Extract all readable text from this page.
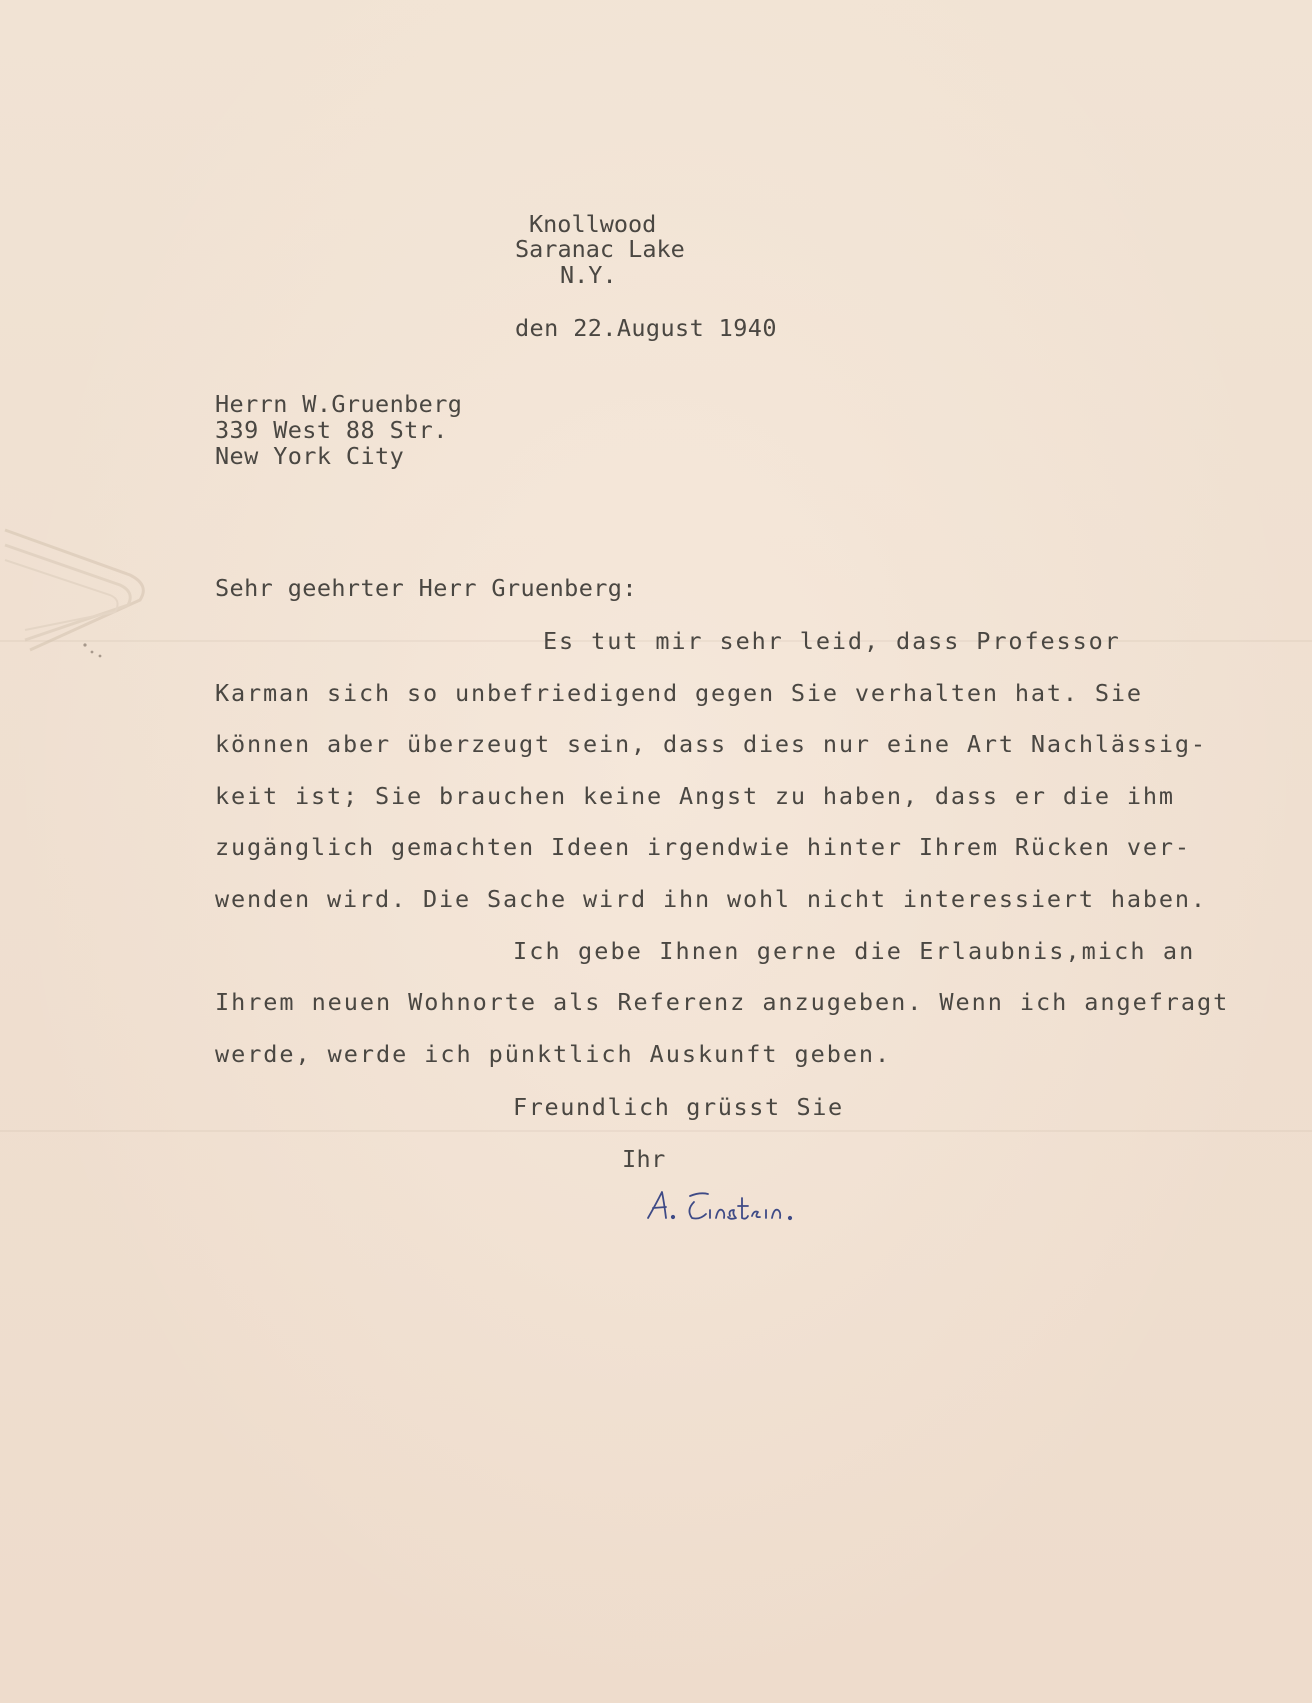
Knollwood
Saranac Lake
N.Y.
den 22.August 1940
Herrn W.Gruenberg
339 West 88 Str.
New York City
Sehr geehrter Herr Gruenberg:
Es tut mir sehr leid, dass Professor
Karman sich so unbefriedigend gegen Sie verhalten hat. Sie
können aber überzeugt sein, dass dies nur eine Art Nachlässig-
keit ist; Sie brauchen keine Angst zu haben, dass er die ihm
zugänglich gemachten Ideen irgendwie hinter Ihrem Rücken ver-
wenden wird. Die Sache wird ihn wohl nicht interessiert haben.
Ich gebe Ihnen gerne die Erlaubnis,mich an
Ihrem neuen Wohnorte als Referenz anzugeben. Wenn ich angefragt
werde, werde ich pünktlich Auskunft geben.
Freundlich grüsst Sie
Ihr
